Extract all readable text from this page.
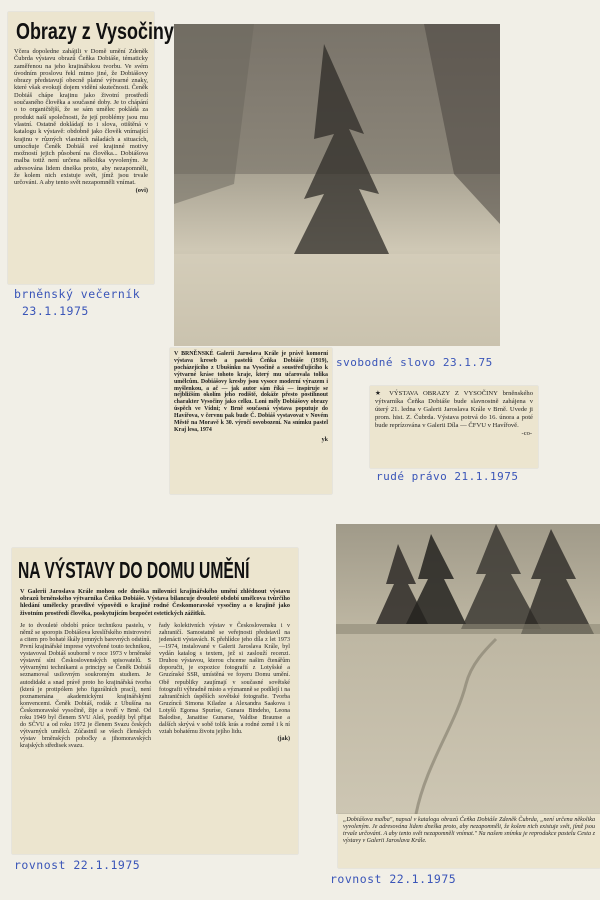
Obrazy z Vysočiny
Včera dopoledne zahájili v Domě umění Zdeněk Čubrda výstavu obrazů Čeňka Dobiáše, tématicky zaměřenou na jeho krajinářskou tvorbu. Ve svém úvodním proslovu řekl mimo jiné, že Dobiášovy obrazy představují obecně platné výtvarné znaky, které však evokují dojem vidění skutečnosti. Čeněk Dobiáš chápe krajinu jako životní prostředí současného člověka a současné doby. Je to chápání o to organičtější, že se sám umělec pokládá za produkt naší společnosti, že její problémy jsou mu vlastní. Ostatně dokládají to i slova, otištěná v katalogu k výstavě: obdobně jako člověk vnímající krajinu v různých vlastních náladách a situacích, umocňuje Čeněk Dobiáš své krajinné motivy možností jejich působení na člověka... Dobiášova malba totiž není určena několika vyvoleným. Je adresována lidem dneška proto, aby nezapomněli, že kolem nich existuje svět, jímž jsou trvale určováni. A aby tento svět nezapomněli vnímat.
(ovi)
brněnský večerník
23.1.1975
V BRNĚNSKÉ Galerii Jaroslava Krále je právě komorní výstava kreseb a pastelů Čeňka Dobiáše (1919), pocházejícího z Ubušínku na Vysočině a soustřeďujícího k výtvarné kráse tohoto kraje, který mu učarovala tolika umělcům. Dobiášovy kresby jsou vysoce moderní výrazem i myšlenkou, a ač — jak autor sám říká — inspiruje se nejbližším okolím jeho rodiště, dokáže přesto postihnout charakter Vysočiny jako celku. Loni měly Dobiášovy obrazy úspěch ve Vídni; v Brně současná výstava poputuje do Havířova, v červnu pak bude Č. Dobiáš vystavovat v Novém Městě na Moravě k 30. výročí osvobození. Na snímku pastel Kraj lesa, 1974
yk
svobodné slovo 23.1.75
★ VÝSTAVA OBRAZY Z VYSOČINY brněnského výtvarníka Čeňka Dobiáše bude slavnostně zahájena v úterý 21. ledna v Galerii Jaroslava Krále v Brně. Uvede ji prom. hist. Z. Čubrda. Výstava potrvá do 16. února a poté bude reprízována v Galerii Díla — ČFVU v Havířově.
-co-
rudé právo 21.1.1975
NA VÝSTAVY DO DOMU UMĚNÍ
V Galerii Jaroslava Krále mohou ode dneška milovníci krajinářského umění zhlédnout výstavu obrazů brněnského výtvarníka Čeňka Dobiáše. Výstava bilancuje dvouleté období umělcova tvůrčího hledání umělecky pravdivé výpovědi o krajině rodné Českomoravské vysočiny a o krajině jako životním prostředí člověka, poskytujícím bezpočet estetických zážitků.
Je to dvouleté období práce technikou pastelu, v němž se sporopis Dobiášova kreslířského mistrovství a citem pro bohaté škály jemných barevných odstínů. První krajinářské imprese vytvořené touto technikou, vystavoval Dobiáš souborně v roce 1973 v brněnské výstavní síni Československých spisovatelů. S výtvarnými technikami a principy se Čeněk Dobiáš seznamoval usilovným soukromým studiem. Je autodidakt a snad právě proto ho krajinářská tvorba (která je protipólem jeho figurálních prací), není poznamenána akademickými krajinářskými konvencemi. Čeněk Dobiáš, rodák z Ubušína na Českomoravské vysočině, žije a tvoří v Brně. Od roku 1949 byl členem SVU Aleš, později byl přijat do SČVU a od roku 1972 je členem Svazu českých výtvarných umělců. Zúčastnil se všech členských výstav brněnských pobočky a jihomoravských krajských středisek svazu.
řady kolektivních výstav v Československu i v zahraničí. Samostatně se veřejnosti představil na jedenácti výstavách. K přehlídce jeho díla z let 1973—1974, instalované v Galerii Jaroslava Krále, byl vydán katalog s textem, jež si zaslouží recenzi. Druhou výstavou, kterou chceme našim čtenářům doporučit, je expozice fotografií z Lotyšské a Gruzínské SSR, umístěná ve foyeru Domu umění. Obě republiky zaujímají v současné sovětské fotografii výhradně místo a významně se podílejí i na zahraničních úspěších sovětské fotografie. Tvorba Gruzínců Simona Kiladze a Alexandra Saakova i Lotyšů Egonsa Spuríse, Gunara Bindeho, Leona Balodise, Janaitise Gunarse, Valdise Braunse a dalších skrývá v sobě tolik krás a rodné země i k ní vztah bohatému životu jejího lidu.
(jak)
rovnost 22.1.1975
„Dobiášova malba", napsal v katalogu obrazů Čeňka Dobiáše Zdeněk Čubrda, „není určena několika vyvoleným. Je adresována lidem dneška proto, aby nezapomněli, že kolem nich existuje svět, jímž jsou trvale určováni. A aby tento svět nezapomněli vnímat." Na našem snímku je reprodukce pastelu Cesta z výstavy v Galerii Jaroslava Krále.
rovnost 22.1.1975
